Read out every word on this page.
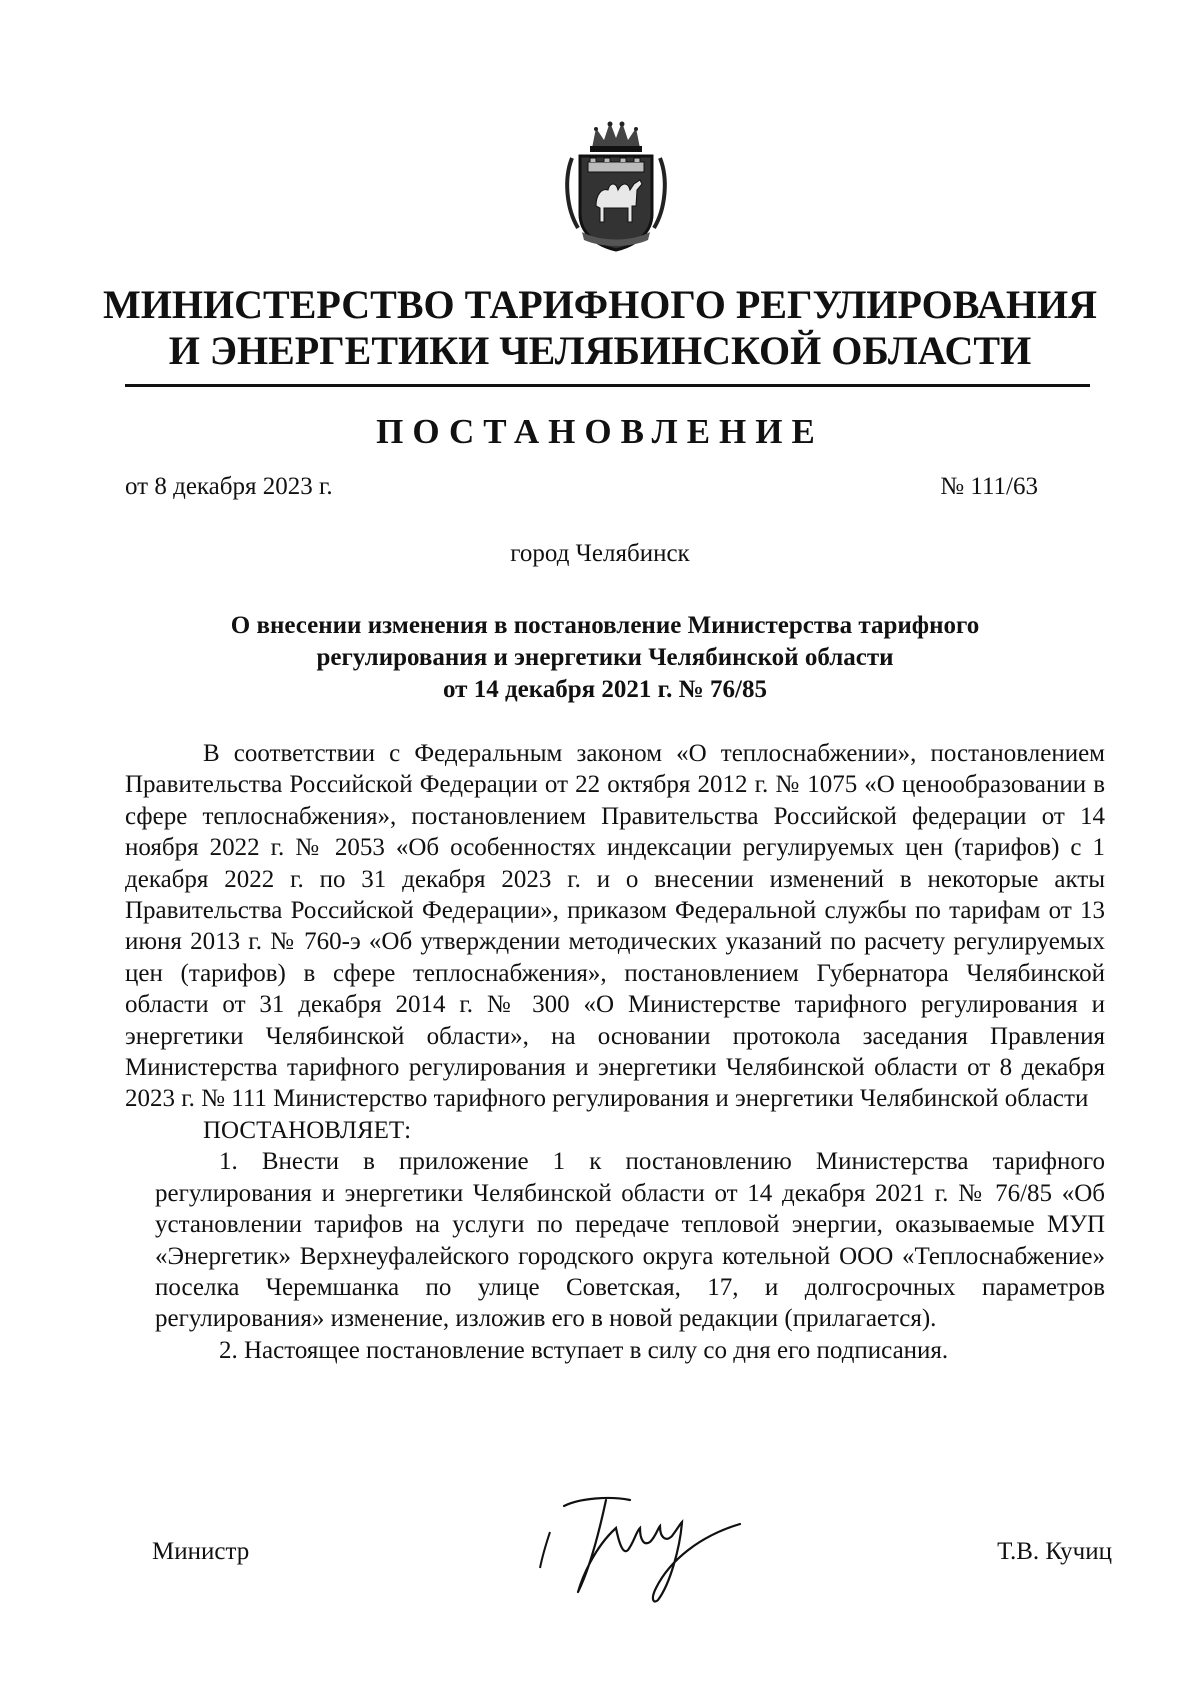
МИНИСТЕРСТВО ТАРИФНОГО РЕГУЛИРОВАНИЯ
И ЭНЕРГЕТИКИ ЧЕЛЯБИНСКОЙ ОБЛАСТИ
ПОСТАНОВЛЕНИЕ
от 8 декабря 2023 г.	№ 111/63
город Челябинск
О внесении изменения в постановление Министерства тарифного
регулирования и энергетики Челябинской области
от 14 декабря 2021 г. № 76/85

В соответствии с Федеральным законом «О теплоснабжении», постановлением Правительства Российской Федерации от 22 октября 2012 г. № 1075 «О ценообразовании в сфере теплоснабжения», постановлением Правительства Российской федерации от 14 ноября 2022 г. № 2053 «Об особенностях индексации регулируемых цен (тарифов) с 1 декабря 2022 г. по 31 декабря 2023 г. и о внесении изменений в некоторые акты Правительства Российской Федерации», приказом Федеральной службы по тарифам от 13 июня 2013 г. № 760-э «Об утверждении методических указаний по расчету регулируемых цен (тарифов) в сфере теплоснабжения», постановлением Губернатора Челябинской области от 31 декабря 2014 г. № 300 «О Министерстве тарифного регулирования и энергетики Челябинской области», на основании протокола заседания Правления Министерства тарифного регулирования и энергетики Челябинской области от 8 декабря 2023 г. № 111 Министерство тарифного регулирования и энергетики Челябинской области

ПОСТАНОВЛЯЕТ:

1. Внести в приложение 1 к постановлению Министерства тарифного регулирования и энергетики Челябинской области от 14 декабря 2021 г. № 76/85 «Об установлении тарифов на услуги по передаче тепловой энергии, оказываемые МУП «Энергетик» Верхнеуфалейского городского округа котельной ООО «Теплоснабжение» поселка Черемшанка по улице Советская, 17, и долгосрочных параметров регулирования» изменение, изложив его в новой редакции (прилагается).

2. Настоящее постановление вступает в силу со дня его подписания.

Министр	Т.В. Кучиц
